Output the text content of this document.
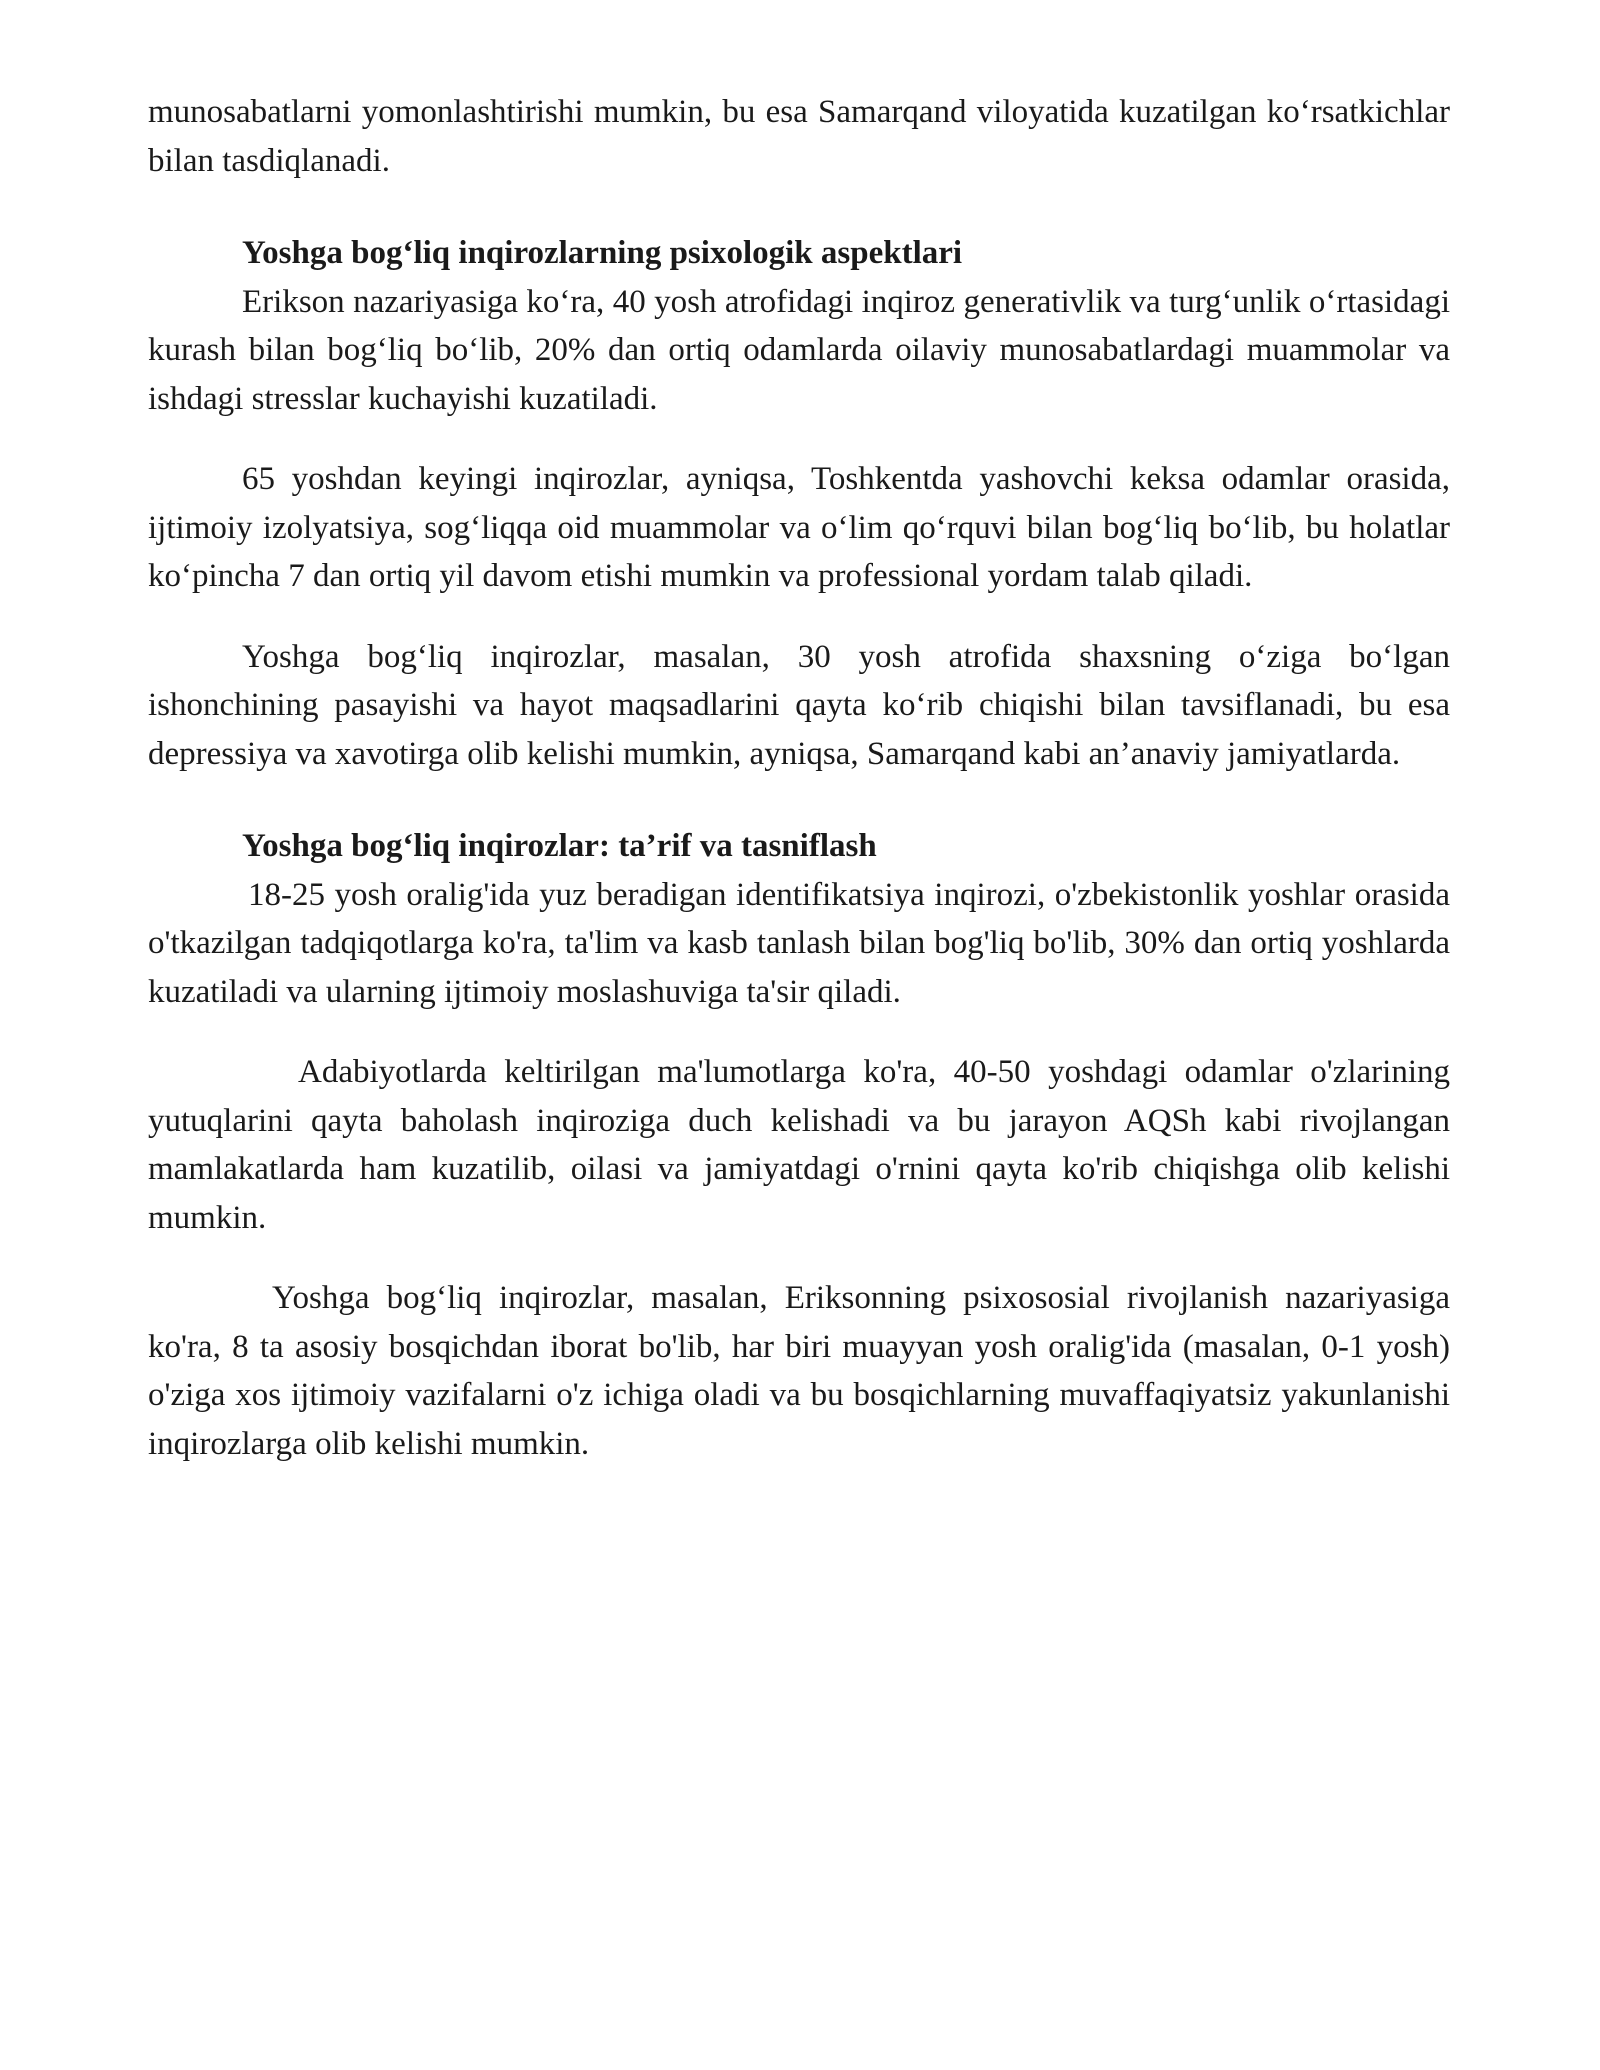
munosabatlarni yomonlashtirishi mumkin, bu esa Samarqand viloyatida kuzatilgan ko‘rsatkichlar bilan tasdiqlanadi.

Yoshga bog‘liq inqirozlarning psixologik aspektlari

Erikson nazariyasiga ko‘ra, 40 yosh atrofidagi inqiroz generativlik va turg‘unlik o‘rtasidagi kurash bilan bog‘liq bo‘lib, 20% dan ortiq odamlarda oilaviy munosabatlardagi muammolar va ishdagi stresslar kuchayishi kuzatiladi.

65 yoshdan keyingi inqirozlar, ayniqsa, Toshkentda yashovchi keksa odamlar orasida, ijtimoiy izolyatsiya, sog‘liqqa oid muammolar va o‘lim qo‘rquvi bilan bog‘liq bo‘lib, bu holatlar ko‘pincha 7 dan ortiq yil davom etishi mumkin va professional yordam talab qiladi.

Yoshga bog‘liq inqirozlar, masalan, 30 yosh atrofida shaxsning o‘ziga bo‘lgan ishonchining pasayishi va hayot maqsadlarini qayta ko‘rib chiqishi bilan tavsiflanadi, bu esa depressiya va xavotirga olib kelishi mumkin, ayniqsa, Samarqand kabi an’anaviy jamiyatlarda.

Yoshga bog‘liq inqirozlar: ta’rif va tasniflash

18-25 yosh oralig'ida yuz beradigan identifikatsiya inqirozi, o'zbekistonlik yoshlar orasida o'tkazilgan tadqiqotlarga ko'ra, ta'lim va kasb tanlash bilan bog'liq bo'lib, 30% dan ortiq yoshlarda kuzatiladi va ularning ijtimoiy moslashuviga ta'sir qiladi.

Adabiyotlarda keltirilgan ma'lumotlarga ko'ra, 40-50 yoshdagi odamlar o'zlarining yutuqlarini qayta baholash inqiroziga duch kelishadi va bu jarayon AQSh kabi rivojlangan mamlakatlarda ham kuzatilib, oilasi va jamiyatdagi o'rnini qayta ko'rib chiqishga olib kelishi mumkin.

Yoshga bog‘liq inqirozlar, masalan, Eriksonning psixososial rivojlanish nazariyasiga ko'ra, 8 ta asosiy bosqichdan iborat bo'lib, har biri muayyan yosh oralig'ida (masalan, 0-1 yosh) o'ziga xos ijtimoiy vazifalarni o'z ichiga oladi va bu bosqichlarning muvaffaqiyatsiz yakunlanishi inqirozlarga olib kelishi mumkin.
